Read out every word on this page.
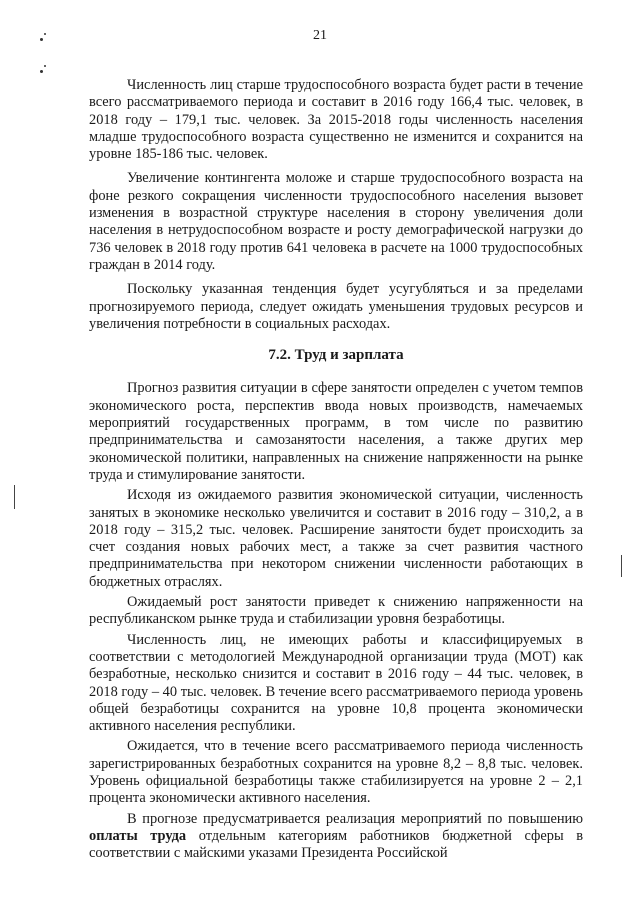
21

Численность лиц старше трудоспособного возраста будет расти в течение всего рассматриваемого периода и составит в 2016 году 166,4 тыс. человек, в 2018 году – 179,1 тыс. человек. За 2015-2018 годы численность населения младше трудоспособного возраста существенно не изменится и сохранится на уровне 185-186 тыс. человек.

Увеличение контингента моложе и старше трудоспособного возраста на фоне резкого сокращения численности трудоспособного населения вызовет изменения в возрастной структуре населения в сторону увеличения доли населения в нетрудоспособном возрасте и росту демографической нагрузки до 736 человек в 2018 году против 641 человека в расчете на 1000 трудоспособных граждан в 2014 году.

Поскольку указанная тенденция будет усугубляться и за пределами прогнозируемого периода, следует ожидать уменьшения трудовых ресурсов и увеличения потребности в социальных расходах.

7.2. Труд и зарплата

Прогноз развития ситуации в сфере занятости определен с учетом темпов экономического роста, перспектив ввода новых производств, намечаемых мероприятий государственных программ, в том числе по развитию предпринимательства и самозанятости населения, а также других мер экономической политики, направленных на снижение напряженности на рынке труда и стимулирование занятости.

Исходя из ожидаемого развития экономической ситуации, численность занятых в экономике несколько увеличится и составит в 2016 году – 310,2, а в 2018 году – 315,2 тыс. человек. Расширение занятости будет происходить за счет создания новых рабочих мест, а также за счет развития частного предпринимательства при некотором снижении численности работающих в бюджетных отраслях.

Ожидаемый рост занятости приведет к снижению напряженности на республиканском рынке труда и стабилизации уровня безработицы.

Численность лиц, не имеющих работы и классифицируемых в соответствии с методологией Международной организации труда (МОТ) как безработные, несколько снизится и составит в 2016 году – 44 тыс. человек, в 2018 году – 40 тыс. человек. В течение всего рассматриваемого периода уровень общей безработицы сохранится на уровне 10,8 процента экономически активного населения республики.

Ожидается, что в течение всего рассматриваемого периода численность зарегистрированных безработных сохранится на уровне 8,2 – 8,8 тыс. человек. Уровень официальной безработицы также стабилизируется на уровне 2 – 2,1 процента экономически активного населения.

В прогнозе предусматривается реализация мероприятий по повышению оплаты труда отдельным категориям работников бюджетной сферы в соответствии с майскими указами Президента Российской
